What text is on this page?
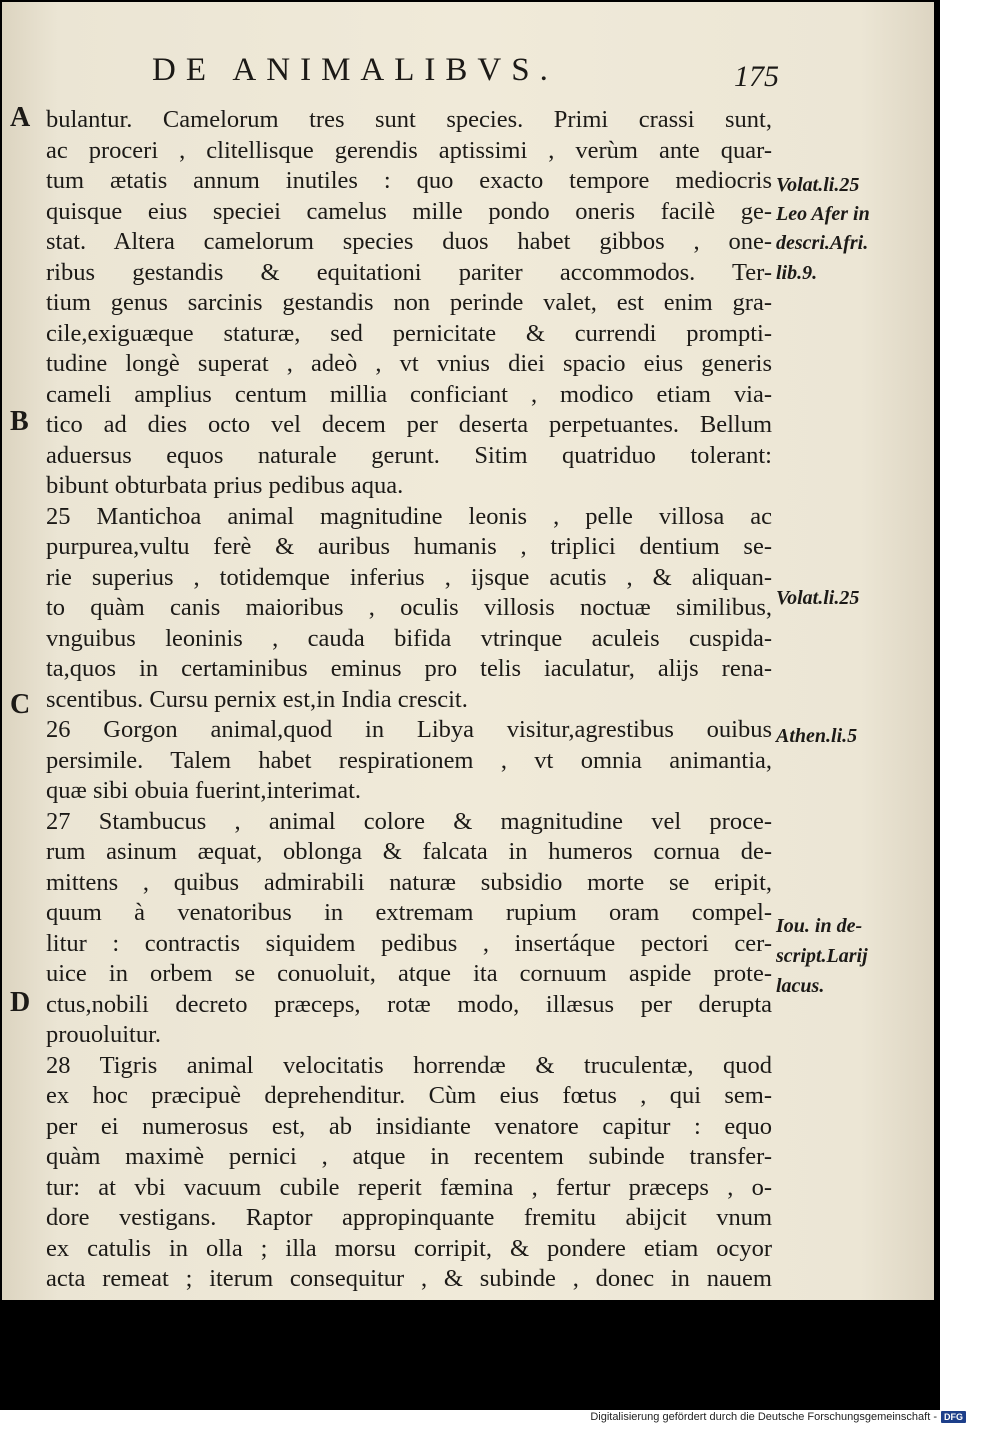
DE ANIMALIBVS.	175
bulantur. Camelorum tres sunt species. Primi crassi sunt,
ac proceri , clitellisque gerendis aptissimi , verùm ante quar-
tum ætatis annum inutiles : quo exacto tempore mediocris
quisque eius speciei camelus mille pondo oneris facilè ge-
stat. Altera camelorum species duos habet gibbos , one-
ribus gestandis & equitationi pariter accommodos. Ter-
tium genus sarcinis gestandis non perinde valet, est enim gra-
cile,exiguæque staturæ, sed pernicitate & currendi prompti-
tudine longè superat , adeò , vt vnius diei spacio eius generis
cameli amplius centum millia conficiant , modico etiam via-
tico ad dies octo vel decem per deserta perpetuantes. Bellum
aduersus equos naturale gerunt. Sitim quatriduo tolerant:
bibunt obturbata prius pedibus aqua.
25 Mantichoa animal magnitudine leonis , pelle villosa ac
purpurea,vultu ferè & auribus humanis , triplici dentium se-
rie superius , totidemque inferius , ijsque acutis , & aliquan-
to quàm canis maioribus , oculis villosis noctuæ similibus,
vnguibus leoninis , cauda bifida vtrinque aculeis cuspida-
ta,quos in certaminibus eminus pro telis iaculatur, alijs rena-
scentibus. Cursu pernix est,in India crescit.
26 Gorgon animal,quod in Libya visitur,agrestibus ouibus
persimile. Talem habet respirationem , vt omnia animantia,
quæ sibi obuia fuerint,interimat.
27 Stambucus , animal colore & magnitudine vel proce-
rum asinum æquat, oblonga & falcata in humeros cornua de-
mittens , quibus admirabili naturæ subsidio morte se eripit,
quum à venatoribus in extremam rupium oram compel-
litur : contractis siquidem pedibus , insertáque pectori cer-
uice in orbem se conuoluit, atque ita cornuum aspide prote-
ctus,nobili decreto præceps, rotæ modo, illæsus per derupta
prouoluitur.
28 Tigris animal velocitatis horrendæ & truculentæ, quod
ex hoc præcipuè deprehenditur. Cùm eius fœtus , qui sem-
per ei numerosus est, ab insidiante venatore capitur : equo
quàm maximè pernici , atque in recentem subinde transfer-
tur: at vbi vacuum cubile reperit fæmina , fertur præceps , o-
dore vestigans. Raptor appropinquante fremitu abijcit vnum
ex catulis in olla ; illa morsu corripit, & pondere etiam ocyor
acta remeat ; iterum consequitur , & subinde , donec in nauem
A
B
C
D
Volat.li.25
Leo Afer in
descri.Afri.
lib.9.
Volat.li.25
Athen.li.5
Iou. in de-
script.Larij
lacus.
Digitalisierung gefördert durch die Deutsche Forschungsgemeinschaft - DFG
